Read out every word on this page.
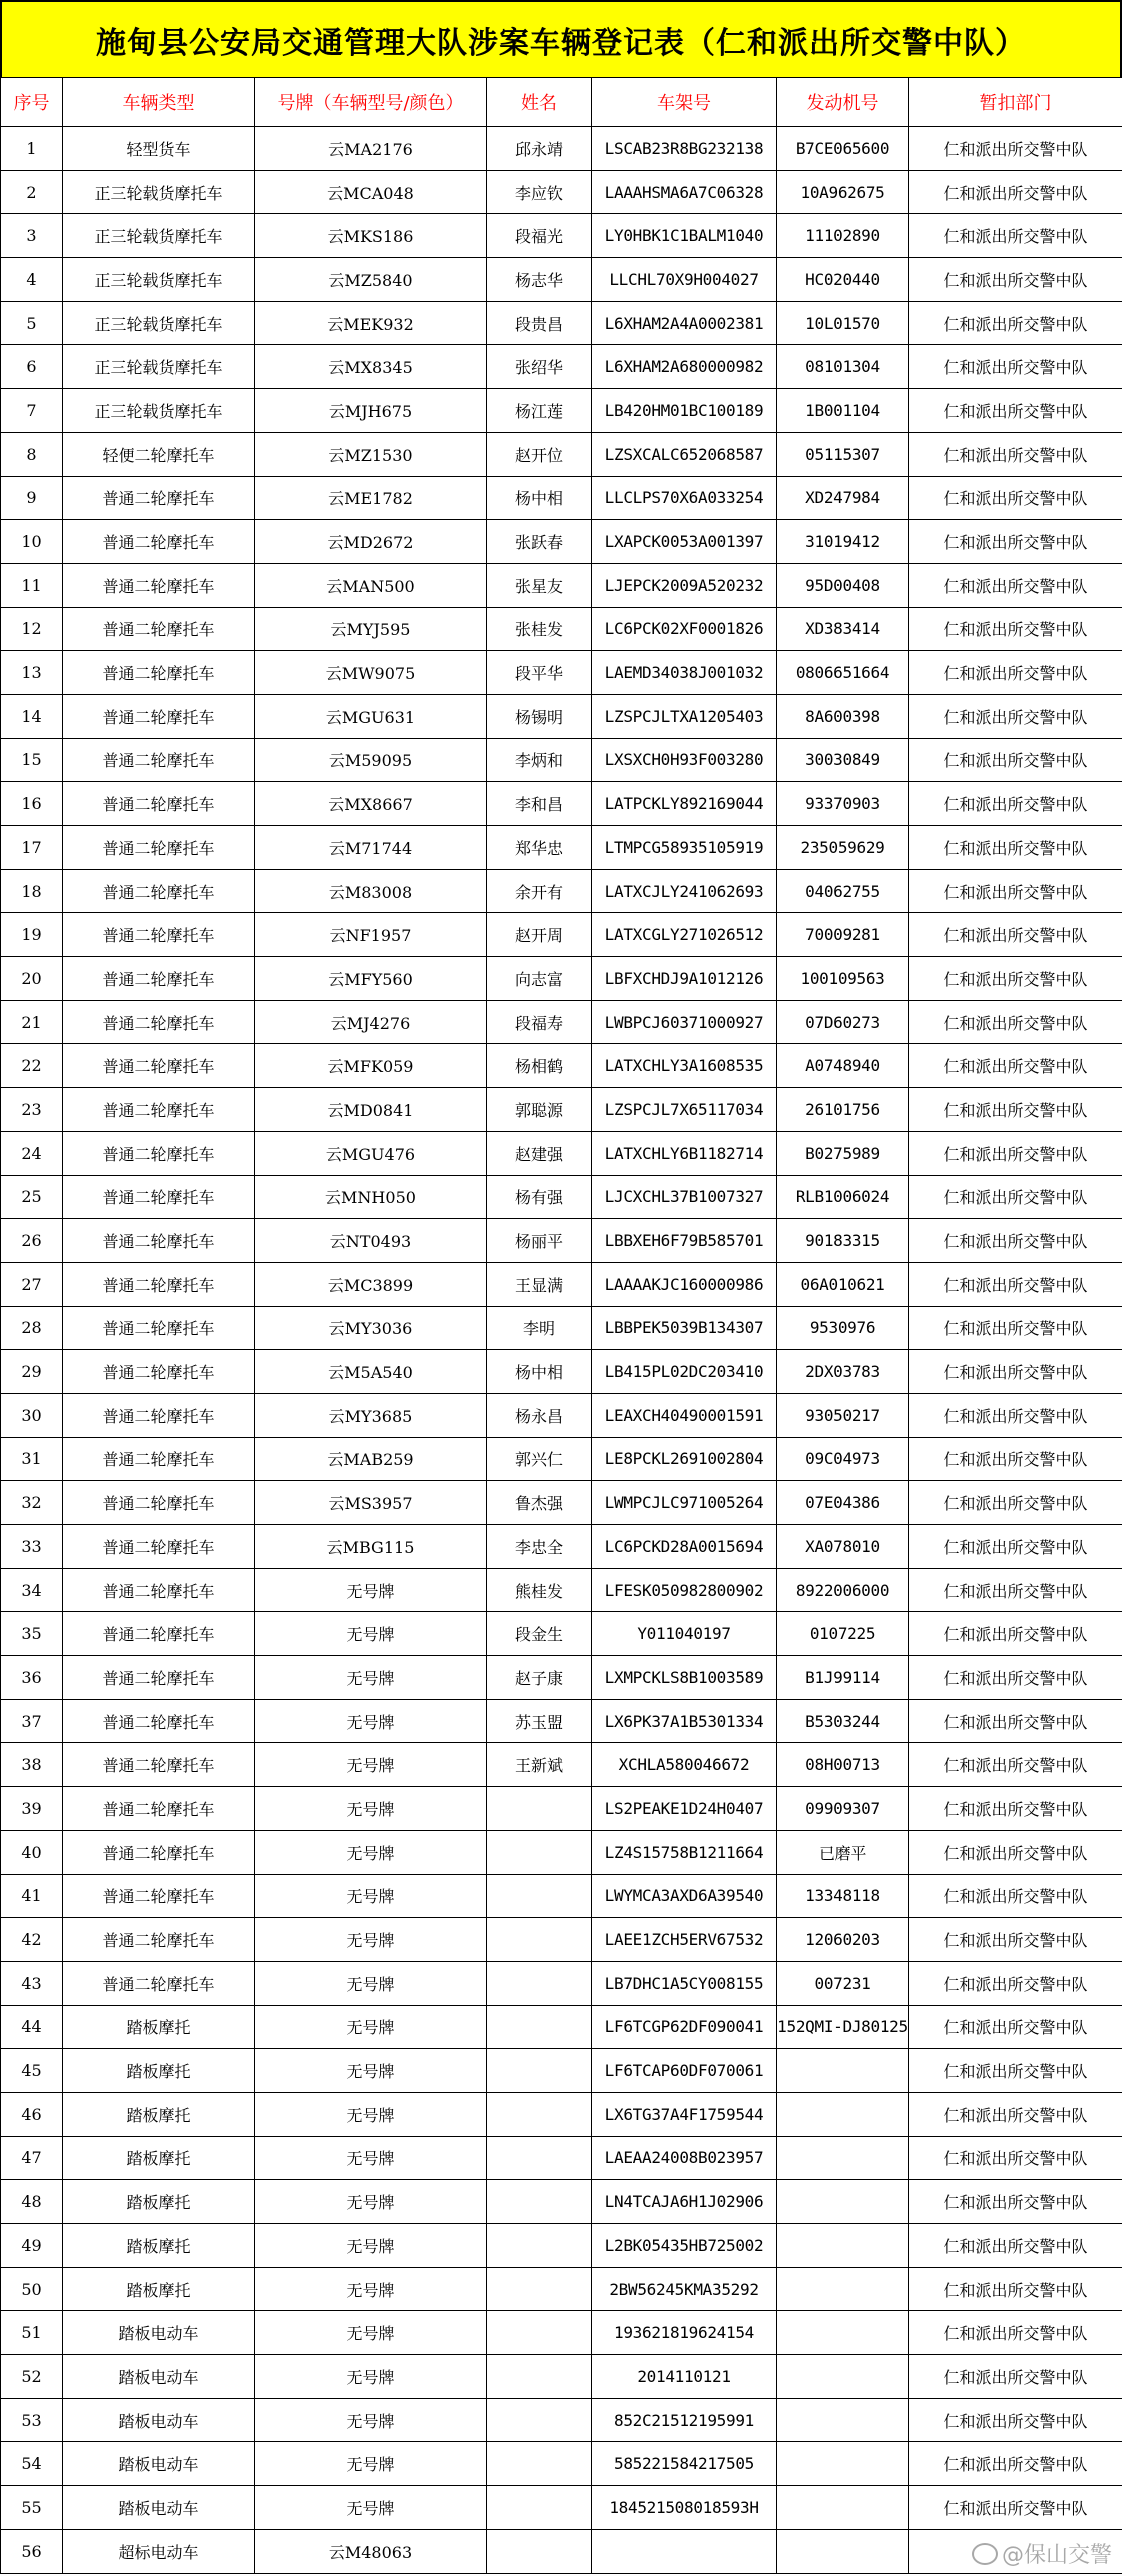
施甸县公安局交通管理大队涉案车辆登记表（仁和派出所交警中队）
序号	车辆类型	号牌（车辆型号/颜色）	姓名	车架号	发动机号	暂扣部门
1	轻型货车	云MA2176	邱永靖	LSCAB23R8BG232138	B7CE065600	仁和派出所交警中队
2	正三轮载货摩托车	云MCA048	李应钦	LAAAHSMA6A7C06328	10A962675	仁和派出所交警中队
3	正三轮载货摩托车	云MKS186	段福光	LY0HBK1C1BALM1040	11102890	仁和派出所交警中队
4	正三轮载货摩托车	云MZ5840	杨志华	LLCHL70X9H004027	HC020440	仁和派出所交警中队
5	正三轮载货摩托车	云MEK932	段贵昌	L6XHAM2A4A0002381	10L01570	仁和派出所交警中队
6	正三轮载货摩托车	云MX8345	张绍华	L6XHAM2A680000982	08101304	仁和派出所交警中队
7	正三轮载货摩托车	云MJH675	杨江莲	LB420HM01BC100189	1B001104	仁和派出所交警中队
8	轻便二轮摩托车	云MZ1530	赵开位	LZSXCALC652068587	05115307	仁和派出所交警中队
9	普通二轮摩托车	云ME1782	杨中相	LLCLPS70X6A033254	XD247984	仁和派出所交警中队
10	普通二轮摩托车	云MD2672	张跃春	LXAPCK0053A001397	31019412	仁和派出所交警中队
11	普通二轮摩托车	云MAN500	张星友	LJEPCK2009A520232	95D00408	仁和派出所交警中队
12	普通二轮摩托车	云MYJ595	张桂发	LC6PCK02XF0001826	XD383414	仁和派出所交警中队
13	普通二轮摩托车	云MW9075	段平华	LAEMD34038J001032	0806651664	仁和派出所交警中队
14	普通二轮摩托车	云MGU631	杨锡明	LZSPCJLTXA1205403	8A600398	仁和派出所交警中队
15	普通二轮摩托车	云M59095	李炳和	LXSXCH0H93F003280	30030849	仁和派出所交警中队
16	普通二轮摩托车	云MX8667	李和昌	LATPCKLY892169044	93370903	仁和派出所交警中队
17	普通二轮摩托车	云M71744	郑华忠	LTMPCG58935105919	235059629	仁和派出所交警中队
18	普通二轮摩托车	云M83008	余开有	LATXCJLY241062693	04062755	仁和派出所交警中队
19	普通二轮摩托车	云NF1957	赵开周	LATXCGLY271026512	70009281	仁和派出所交警中队
20	普通二轮摩托车	云MFY560	向志富	LBFXCHDJ9A1012126	100109563	仁和派出所交警中队
21	普通二轮摩托车	云MJ4276	段福寿	LWBPCJ60371000927	07D60273	仁和派出所交警中队
22	普通二轮摩托车	云MFK059	杨相鹤	LATXCHLY3A1608535	A0748940	仁和派出所交警中队
23	普通二轮摩托车	云MD0841	郭聪源	LZSPCJL7X65117034	26101756	仁和派出所交警中队
24	普通二轮摩托车	云MGU476	赵建强	LATXCHLY6B1182714	B0275989	仁和派出所交警中队
25	普通二轮摩托车	云MNH050	杨有强	LJCXCHL37B1007327	RLB1006024	仁和派出所交警中队
26	普通二轮摩托车	云NT0493	杨丽平	LBBXEH6F79B585701	90183315	仁和派出所交警中队
27	普通二轮摩托车	云MC3899	王显满	LAAAAKJC160000986	06A010621	仁和派出所交警中队
28	普通二轮摩托车	云MY3036	李明	LBBPEK5039B134307	9530976	仁和派出所交警中队
29	普通二轮摩托车	云M5A540	杨中相	LB415PL02DC203410	2DX03783	仁和派出所交警中队
30	普通二轮摩托车	云MY3685	杨永昌	LEAXCH40490001591	93050217	仁和派出所交警中队
31	普通二轮摩托车	云MAB259	郭兴仁	LE8PCKL2691002804	09C04973	仁和派出所交警中队
32	普通二轮摩托车	云MS3957	鲁杰强	LWMPCJLC971005264	07E04386	仁和派出所交警中队
33	普通二轮摩托车	云MBG115	李忠全	LC6PCKD28A0015694	XA078010	仁和派出所交警中队
34	普通二轮摩托车	无号牌	熊桂发	LFESK050982800902	8922006000	仁和派出所交警中队
35	普通二轮摩托车	无号牌	段金生	Y011040197	0107225	仁和派出所交警中队
36	普通二轮摩托车	无号牌	赵子康	LXMPCKLS8B1003589	B1J99114	仁和派出所交警中队
37	普通二轮摩托车	无号牌	苏玉盟	LX6PK37A1B5301334	B5303244	仁和派出所交警中队
38	普通二轮摩托车	无号牌	王新斌	XCHLA580046672	08H00713	仁和派出所交警中队
39	普通二轮摩托车	无号牌		LS2PEAKE1D24H0407	09909307	仁和派出所交警中队
40	普通二轮摩托车	无号牌		LZ4S15758B1211664	已磨平	仁和派出所交警中队
41	普通二轮摩托车	无号牌		LWYMCA3AXD6A39540	13348118	仁和派出所交警中队
42	普通二轮摩托车	无号牌		LAEE1ZCH5ERV67532	12060203	仁和派出所交警中队
43	普通二轮摩托车	无号牌		LB7DHC1A5CY008155	007231	仁和派出所交警中队
44	踏板摩托	无号牌		LF6TCGP62DF090041	152QMI-DJ80125	仁和派出所交警中队
45	踏板摩托	无号牌		LF6TCAP60DF070061		仁和派出所交警中队
46	踏板摩托	无号牌		LX6TG37A4F1759544		仁和派出所交警中队
47	踏板摩托	无号牌		LAEAA24008B023957		仁和派出所交警中队
48	踏板摩托	无号牌		LN4TCAJA6H1J02906		仁和派出所交警中队
49	踏板摩托	无号牌		L2BK05435HB725002		仁和派出所交警中队
50	踏板摩托	无号牌		2BW56245KMA35292		仁和派出所交警中队
51	踏板电动车	无号牌		193621819624154		仁和派出所交警中队
52	踏板电动车	无号牌		2014110121		仁和派出所交警中队
53	踏板电动车	无号牌		852C21512195991		仁和派出所交警中队
54	踏板电动车	无号牌		585221584217505		仁和派出所交警中队
55	踏板电动车	无号牌		184521508018593H		仁和派出所交警中队
56	超标电动车	云M48063					@保山交警
